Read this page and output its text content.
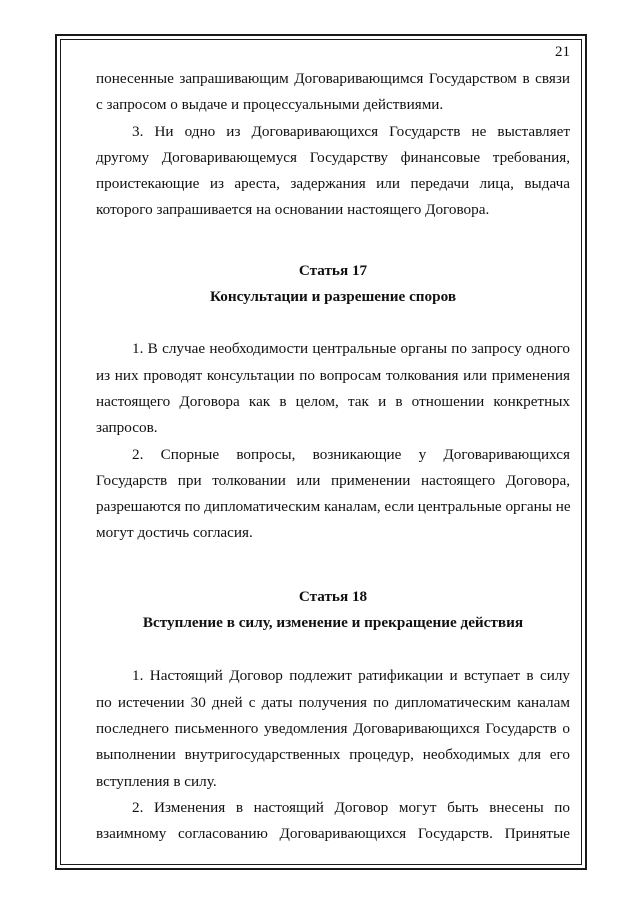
21

понесенные запрашивающим Договаривающимся Государством в связи
с запросом о выдаче и процессуальными действиями.

3. Ни одно из Договаривающихся Государств не выставляет
другому Договаривающемуся Государству финансовые требования,
проистекающие из ареста, задержания или передачи лица, выдача
которого запрашивается на основании настоящего Договора.

Статья 17

Консультации и разрешение споров

1. В случае необходимости центральные органы по запросу одного
из них проводят консультации по вопросам толкования или применения
настоящего Договора как в целом, так и в отношении конкретных
запросов.

2. Спорные вопросы, возникающие у Договаривающихся
Государств при толковании или применении настоящего Договора,
разрешаются по дипломатическим каналам, если центральные органы не
могут достичь согласия.

Статья 18

Вступление в силу, изменение и прекращение действия

1. Настоящий Договор подлежит ратификации и вступает в силу
по истечении 30 дней с даты получения по дипломатическим каналам
последнего письменного уведомления Договаривающихся Государств о
выполнении внутригосударственных процедур, необходимых для его
вступления в силу.

2. Изменения в настоящий Договор могут быть внесены по
взаимному согласованию Договаривающихся Государств. Принятые
